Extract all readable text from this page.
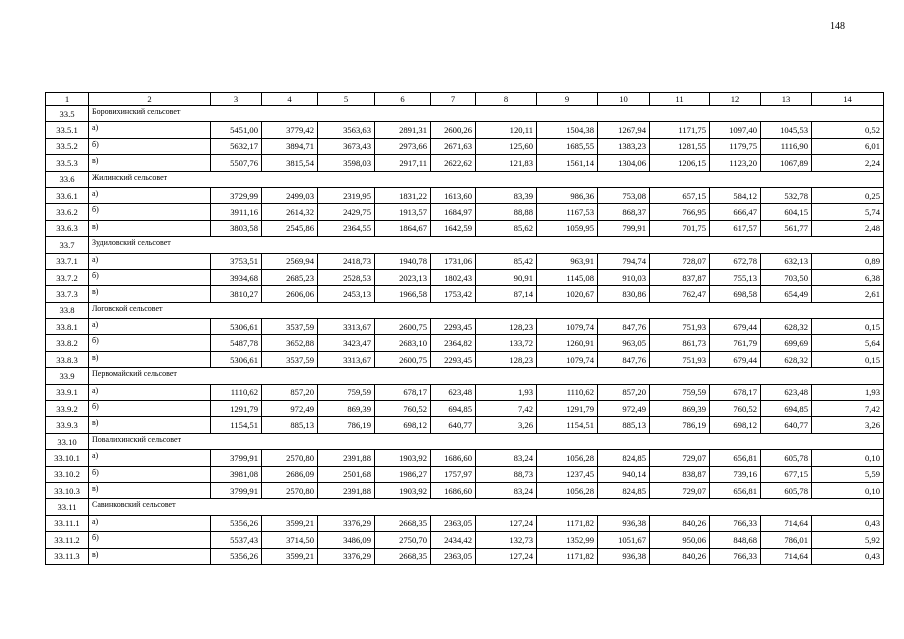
148
1	2	3	4	5	6	7	8	9	10	11	12	13	14
33.5	Боровихинский сельсовет												
33.5.1	а)	5451,00	3779,42	3563,63	2891,31	2600,26	120,11	1504,38	1267,94	1171,75	1097,40	1045,53	0,52
33.5.2	б)	5632,17	3894,71	3673,43	2973,66	2671,63	125,60	1685,55	1383,23	1281,55	1179,75	1116,90	6,01
33.5.3	в)	5507,76	3815,54	3598,03	2917,11	2622,62	121,83	1561,14	1304,06	1206,15	1123,20	1067,89	2,24
33.6	Жилинский сельсовет												
33.6.1	а)	3729,99	2499,03	2319,95	1831,22	1613,60	83,39	986,36	753,08	657,15	584,12	532,78	0,25
33.6.2	б)	3911,16	2614,32	2429,75	1913,57	1684,97	88,88	1167,53	868,37	766,95	666,47	604,15	5,74
33.6.3	в)	3803,58	2545,86	2364,55	1864,67	1642,59	85,62	1059,95	799,91	701,75	617,57	561,77	2,48
33.7	Зудиловский сельсовет												
33.7.1	а)	3753,51	2569,94	2418,73	1940,78	1731,06	85,42	963,91	794,74	728,07	672,78	632,13	0,89
33.7.2	б)	3934,68	2685,23	2528,53	2023,13	1802,43	90,91	1145,08	910,03	837,87	755,13	703,50	6,38
33.7.3	в)	3810,27	2606,06	2453,13	1966,58	1753,42	87,14	1020,67	830,86	762,47	698,58	654,49	2,61
33.8	Логовской сельсовет												
33.8.1	а)	5306,61	3537,59	3313,67	2600,75	2293,45	128,23	1079,74	847,76	751,93	679,44	628,32	0,15
33.8.2	б)	5487,78	3652,88	3423,47	2683,10	2364,82	133,72	1260,91	963,05	861,73	761,79	699,69	5,64
33.8.3	в)	5306,61	3537,59	3313,67	2600,75	2293,45	128,23	1079,74	847,76	751,93	679,44	628,32	0,15
33.9	Первомайский сельсовет												
33.9.1	а)	1110,62	857,20	759,59	678,17	623,48	1,93	1110,62	857,20	759,59	678,17	623,48	1,93
33.9.2	б)	1291,79	972,49	869,39	760,52	694,85	7,42	1291,79	972,49	869,39	760,52	694,85	7,42
33.9.3	в)	1154,51	885,13	786,19	698,12	640,77	3,26	1154,51	885,13	786,19	698,12	640,77	3,26
33.10	Повалихинский сельсовет												
33.10.1	а)	3799,91	2570,80	2391,88	1903,92	1686,60	83,24	1056,28	824,85	729,07	656,81	605,78	0,10
33.10.2	б)	3981,08	2686,09	2501,68	1986,27	1757,97	88,73	1237,45	940,14	838,87	739,16	677,15	5,59
33.10.3	в)	3799,91	2570,80	2391,88	1903,92	1686,60	83,24	1056,28	824,85	729,07	656,81	605,78	0,10
33.11	Савинковский сельсовет												
33.11.1	а)	5356,26	3599,21	3376,29	2668,35	2363,05	127,24	1171,82	936,38	840,26	766,33	714,64	0,43
33.11.2	б)	5537,43	3714,50	3486,09	2750,70	2434,42	132,73	1352,99	1051,67	950,06	848,68	786,01	5,92
33.11.3	в)	5356,26	3599,21	3376,29	2668,35	2363,05	127,24	1171,82	936,38	840,26	766,33	714,64	0,43
